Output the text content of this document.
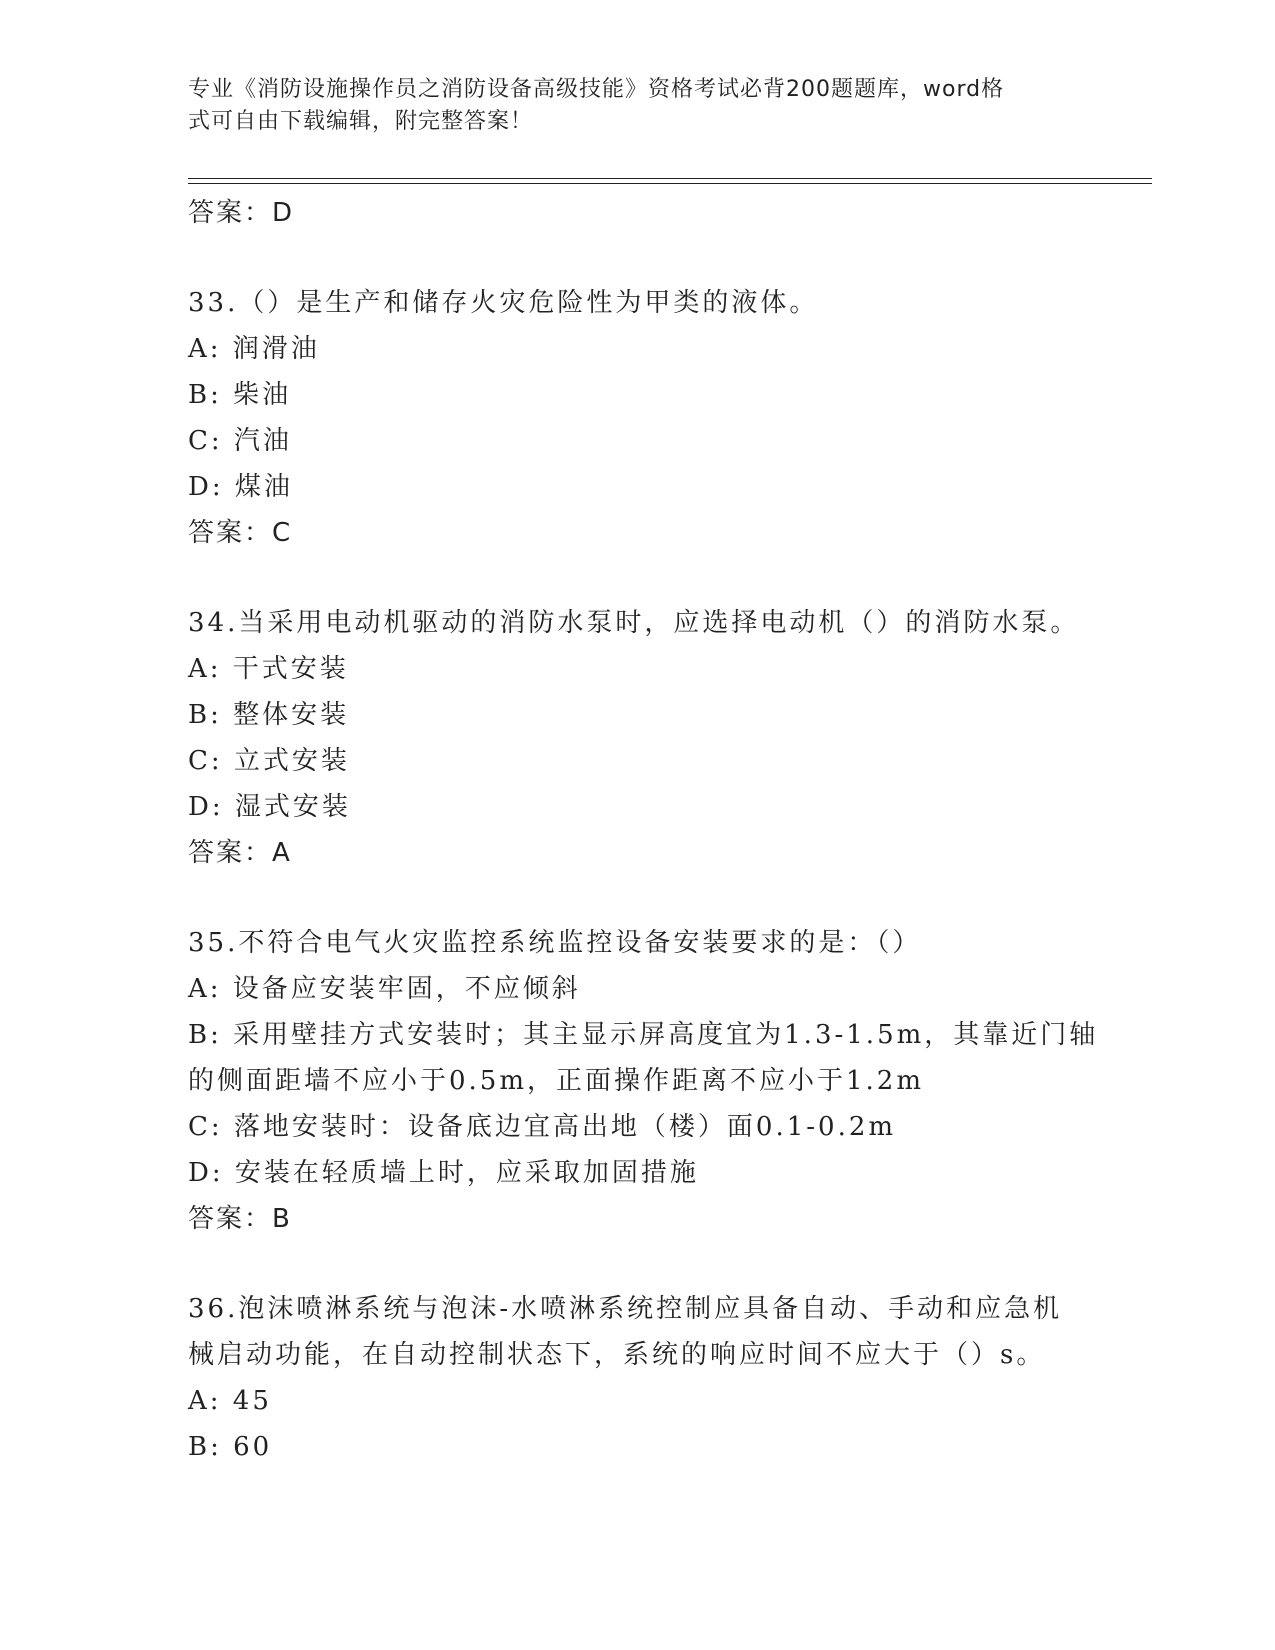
专业《消防设施操作员之消防设备高级技能》资格考试必背200题题库，word格
式可自由下载编辑，附完整答案！
答案：D
33.（）是生产和储存火灾危险性为甲类的液体。
A: 润滑油
B: 柴油
C: 汽油
D: 煤油
答案：C
34.当采用电动机驱动的消防水泵时，应选择电动机（）的消防水泵。
A: 干式安装
B: 整体安装
C: 立式安装
D: 湿式安装
答案：A
35.不符合电气火灾监控系统监控设备安装要求的是：（）
A: 设备应安装牢固，不应倾斜
B: 采用壁挂方式安装时；其主显示屏高度宜为1.3-1.5m，其靠近门轴
的侧面距墙不应小于0.5m，正面操作距离不应小于1.2m
C: 落地安装时：设备底边宜高出地（楼）面0.1-0.2m
D: 安装在轻质墙上时，应采取加固措施
答案：B
36.泡沫喷淋系统与泡沫-水喷淋系统控制应具备自动、手动和应急机
械启动功能，在自动控制状态下，系统的响应时间不应大于（）s。
A: 45
B: 60
